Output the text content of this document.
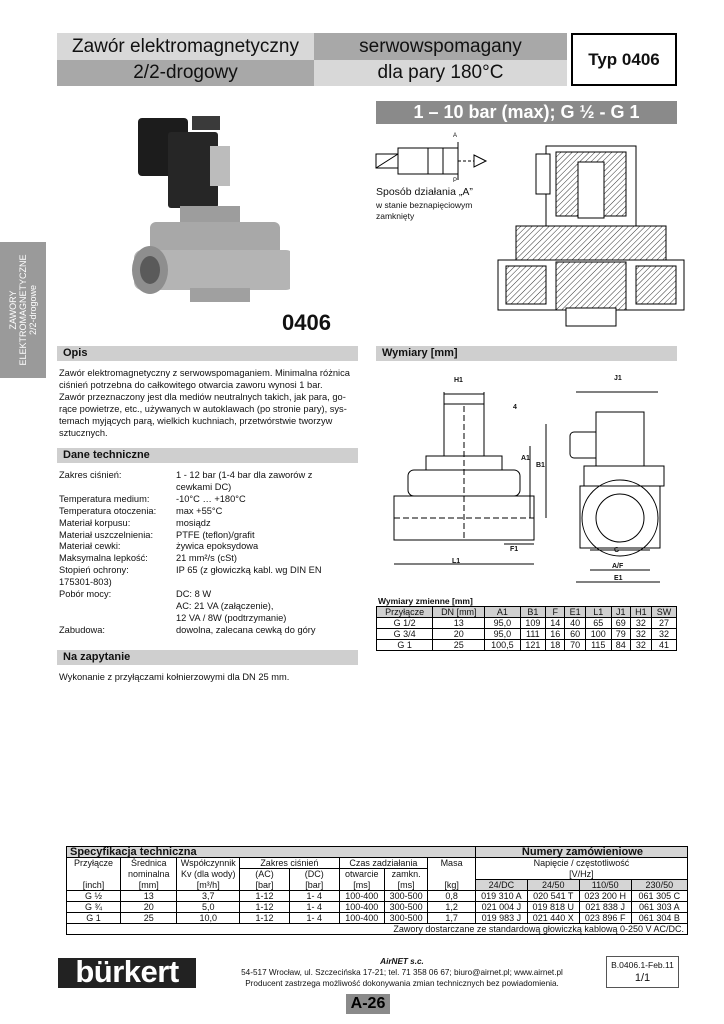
Zawór elektromagnetyczny	serwowspomagany
2/2-drogowy	dla pary 180°C
Typ 0406
1 – 10 bar (max); G ½ - G 1
ZAWORY ELEKTROMAGNETYCZNE 2/2-drogowe	0406
A
P
Sposób działania „A”
w stanie beznapięciowym
zamknięty
Opis
Zawór elektromagnetyczny z serwowspomaganiem. Minimalna różnica
ciśnień potrzebna do całkowitego otwarcia zaworu wynosi 1 bar.
Zawór przeznaczony jest dla mediów neutralnych takich, jak para, go-
rące powietrze, etc., używanych w autoklawach (po stronie pary), sys-
temach myjących parą, wielkich kuchniach, przetwórstwie tworzyw
sztucznych.
Dane techniczne
Zakres ciśnień:	1 - 12 bar (1-4 bar dla zaworów z
cewkami DC)
Temperatura medium:	-10°C … +180°C
Temperatura otoczenia: max +55°C
Materiał korpusu:	mosiądz
Materiał uszczelnienia: PTFE (teflon)/grafit
Materiał cewki:	żywica epoksydowa
Maksymalna lepkość:	21 mm²/s (cSt)
Stopień ochrony:	IP 65 (z głowiczką kabl. wg DIN EN
175301-803)
Pobór mocy:	DC: 8 W
AC: 21 VA (załączenie),
12 VA / 8W (podtrzymanie)
Zabudowa:	dowolna, zalecana cewką do góry
Na zapytanie
Wykonanie z przyłączami kołnierzowymi dla DN 25 mm.
Wymiary [mm]
H1	J1
4
A1
B1
F1
L1
C
A/F
E1
Wymiary zmienne [mm]
Przyłącze	DN [mm]	A1	B1	F	E1	L1	J1	H1	SW
G 1/2	13	95,0	109	14	40	65	69	32	27
G 3/4	20	95,0	111	16	60	100	79	32	32
G 1	25	100,5	121	18	70	115	84	32	41
Specyfikacja techniczna								Numery zamówieniowe			
Przyłącze	Średnica	Współczynnik	Zakres ciśnień		Czas zadziałania		Masa	Napięcie / częstotliwość			
	nominalna	Kv (dla wody)	(AC)	(DC)	otwarcie	zamkn.		[V/Hz]			
[inch]	[mm]	[m³/h]	[bar]	[bar]	[ms]	[ms]	[kg]	24/DC	24/50	110/50	230/50
G ½	13	3,7	1-12	1- 4	100-400	300-500	0,8	019 310 A	020 541 T	023 200 H	061 305 C
G ¾	20	5,0	1-12	1- 4	100-400	300-500	1,2	021 004 J	019 818 U	021 838 J	061 303 A
G 1	25	10,0	1-12	1- 4	100-400	300-500	1,7	019 983 J	021 440 X	023 896 F	061 304 B
Zawory dostarczane ze standardową głowiczką kablową 0-250 V AC/DC.											
bürkert	AirNET s.c.
54-517 Wrocław, ul. Szczecińska 17-21; tel. 71 358 06 67; biuro@airnet.pl; www.airnet.pl
Producent zastrzega możliwość dokonywania zmian technicznych bez powiadomienia.
B.0406.1-Feb.11
1/1
A-26
